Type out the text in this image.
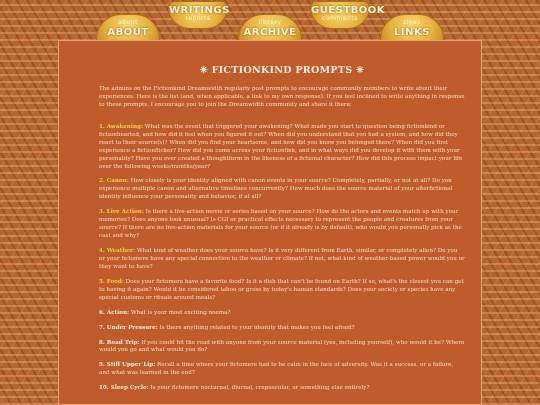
about
ABOUT
WRITINGS
reports
library
ARCHIVE
GUESTBOOK
comments
zines
LINKS
✳ FICTIONKIND PROMPTS ✳

The admins on the Fictionkind Dreamwidth regularly post prompts to encourage community members to write about their experiences. Here is the list (and, when applicable, a link to my own response). If you feel inclined to write anything in response to these prompts, I encourage you to join the Dreamwidth community and share it there:

1. Awakening: What was the event that triggered your awakening? What made you start to question being fictionkind or fictionhearted, and how did it feel when you figured it out? When did you understand that you had a system, and how did they react to their source(s)? When did you find your heartsome, and how did you know you belonged there? When did you first experience a fictionflicker? How did you come across your fictionlink, and in what ways did you develop it with them with your personality? Have you ever created a thoughtform in the likeness of a fictional character? How did this process impact your life over the following weeks/months/year?

2. Canon: How closely is your identity aligned with canon events in your source? Completely, partially, or not at all? Do you experience multiple canon and alternative timelines concurrently? How much does the source material of your alterfictional identity influence your personality and behavior, if at all?

3. Live Action: Is there a live-action movie or series based on your source? How do the actors and events match up with your memories? Does anyone look unusual? Is CGI or practical effects necessary to represent the people and creatures from your source? If there are no live-action materials for your source (or if it already is by default), who would you personally pick as the cast and why?

4. Weather: What kind of weather does your source have? Is it very different from Earth, similar, or completely alien? Do you or your fictomere have any special connection to the weather or climate? If not, what kind of weather-based power would you or they want to have?

5. Food: Does your fictomere have a favorite food? Is it a dish that can't be found on Earth? If so, what's the closest you can get to having it again? Would it be considered taboo or gross by today's human standards? Does your society or species have any special customs or rituals around meals?

6. Action: What is your most exciting noema?

7. Under Pressure: Is there anything related to your identity that makes you feel afraid?

8. Road Trip: If you could hit the road with anyone from your source material (yes, including yourself), who would it be? Where would you go and what would you do?

9. Stiff Upper Lip: Recall a time where your fictomere had to be calm in the face of adversity. Was it a success, or a failure, and what was learned in the end?

10. Sleep Cycle: Is your fictomere nocturnal, diurnal, crepuscular, or something else entirely?
